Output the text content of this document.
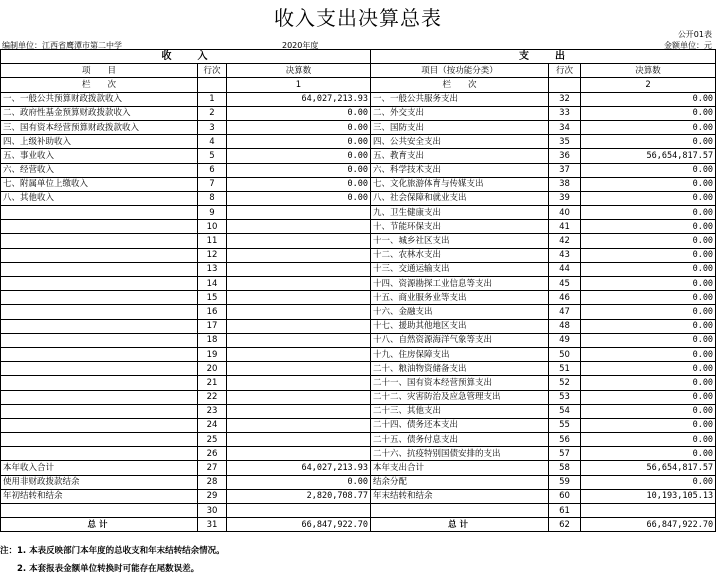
收入支出决算总表
公开01表
编制单位：江西省鹰潭市第二中学	2020年度	金额单位：元
收　　入			支　　出		
项　　目	行次	决算数	项目（按功能分类）	行次	决算数
栏　　次		1	栏　　次		2
一、一般公共预算财政拨款收入	1	64,027,213.93	一、一般公共服务支出	32	0.00
二、政府性基金预算财政拨款收入	2	0.00	二、外交支出	33	0.00
三、国有资本经营预算财政拨款收入	3	0.00	三、国防支出	34	0.00
四、上级补助收入	4	0.00	四、公共安全支出	35	0.00
五、事业收入	5	0.00	五、教育支出	36	56,654,817.57
六、经营收入	6	0.00	六、科学技术支出	37	0.00
七、附属单位上缴收入	7	0.00	七、文化旅游体育与传媒支出	38	0.00
八、其他收入	8	0.00	八、社会保障和就业支出	39	0.00
	9		九、卫生健康支出	40	0.00
	10		十、节能环保支出	41	0.00
	11		十一、城乡社区支出	42	0.00
	12		十二、农林水支出	43	0.00
	13		十三、交通运输支出	44	0.00
	14		十四、资源勘探工业信息等支出	45	0.00
	15		十五、商业服务业等支出	46	0.00
	16		十六、金融支出	47	0.00
	17		十七、援助其他地区支出	48	0.00
	18		十八、自然资源海洋气象等支出	49	0.00
	19		十九、住房保障支出	50	0.00
	20		二十、粮油物资储备支出	51	0.00
	21		二十一、国有资本经营预算支出	52	0.00
	22		二十二、灾害防治及应急管理支出	53	0.00
	23		二十三、其他支出	54	0.00
	24		二十四、债务还本支出	55	0.00
	25		二十五、债务付息支出	56	0.00
	26		二十六、抗疫特别国债安排的支出	57	0.00
本年收入合计	27	64,027,213.93	本年支出合计	58	56,654,817.57
使用非财政拨款结余	28	0.00	结余分配	59	0.00
年初结转和结余	29	2,820,708.77	年末结转和结余	60	10,193,105.13
	30			61	
总计	31	66,847,922.70	总计	62	66,847,922.70
注：1. 本表反映部门本年度的总收支和年末结转结余情况。
　　2. 本套报表金额单位转换时可能存在尾数误差。
